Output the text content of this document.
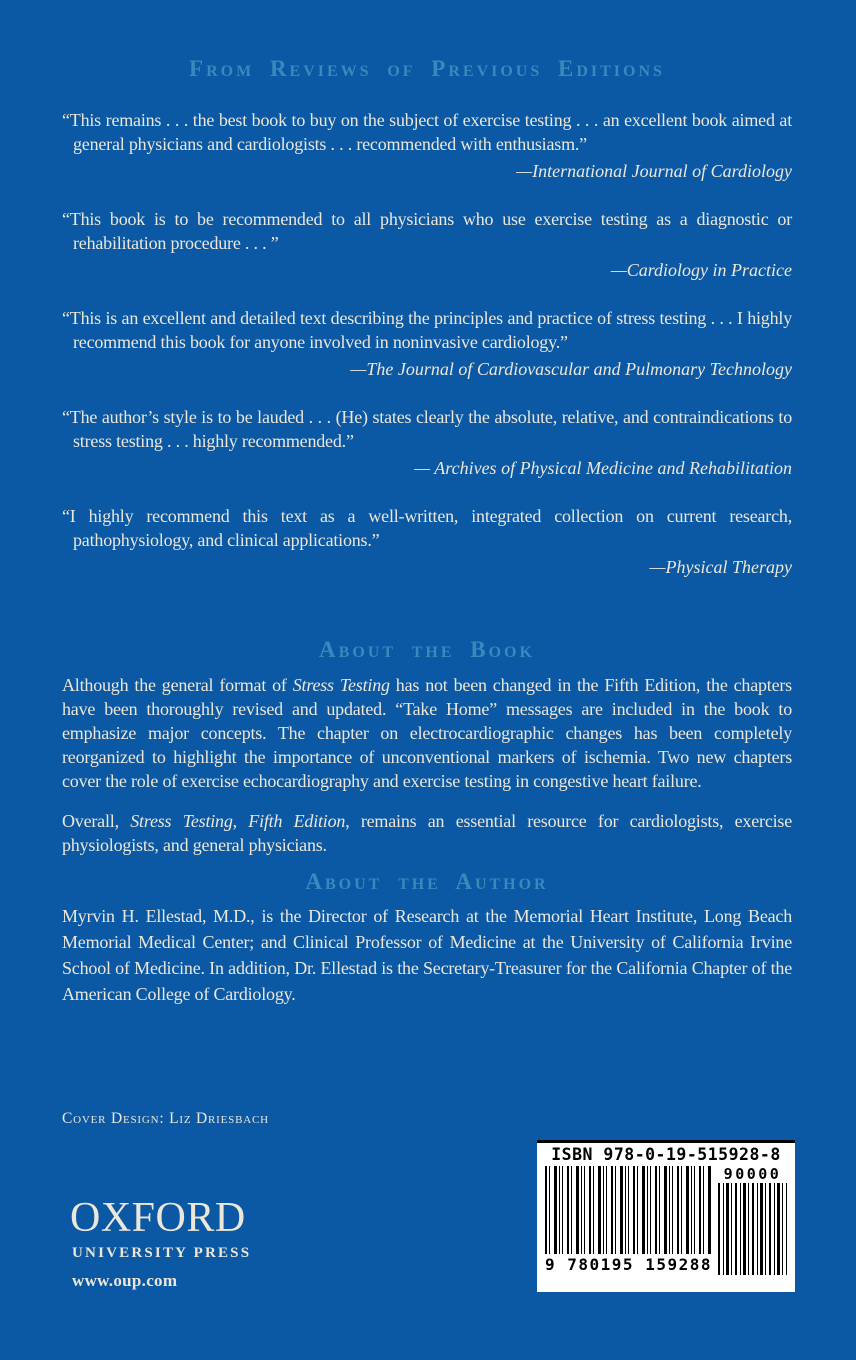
From Reviews of Previous Editions

“This remains . . . the best book to buy on the subject of exercise testing . . . an excellent book aimed at general physicians and cardiologists . . . recommended with enthusiasm.”

—International Journal of Cardiology

“This book is to be recommended to all physicians who use exercise testing as a diagnostic or rehabilitation procedure . . . ”

—Cardiology in Practice

“This is an excellent and detailed text describing the principles and practice of stress testing . . . I highly recommend this book for anyone involved in noninvasive cardiology.”

—The Journal of Cardiovascular and Pulmonary Technology

“The author’s style is to be lauded . . . (He) states clearly the absolute, relative, and contraindications to stress testing . . . highly recommended.”

— Archives of Physical Medicine and Rehabilitation

“I highly recommend this text as a well-written, integrated collection on current research, pathophysiology, and clinical applications.”

—Physical Therapy

About the Book

Although the general format of Stress Testing has not been changed in the Fifth Edition, the chapters have been thoroughly revised and updated. “Take Home” messages are included in the book to emphasize major concepts. The chapter on electrocardiographic changes has been completely reorganized to highlight the importance of unconventional markers of ischemia. Two new chapters cover the role of exercise echocardiography and exercise testing in congestive heart failure.

Overall, Stress Testing, Fifth Edition, remains an essential resource for cardiologists, exercise physiologists, and general physicians.

About the Author

Myrvin H. Ellestad, M.D., is the Director of Research at the Memorial Heart Institute, Long Beach Memorial Medical Center; and Clinical Professor of Medicine at the University of California Irvine School of Medicine. In addition, Dr. Ellestad is the Secretary-Treasurer for the California Chapter of the American College of Cardiology.

Cover Design: Liz Driesbach

OXFORD

UNIVERSITY PRESS

www.oup.com

ISBN 978-0-19-515928-8

9 780195 159288

90000
